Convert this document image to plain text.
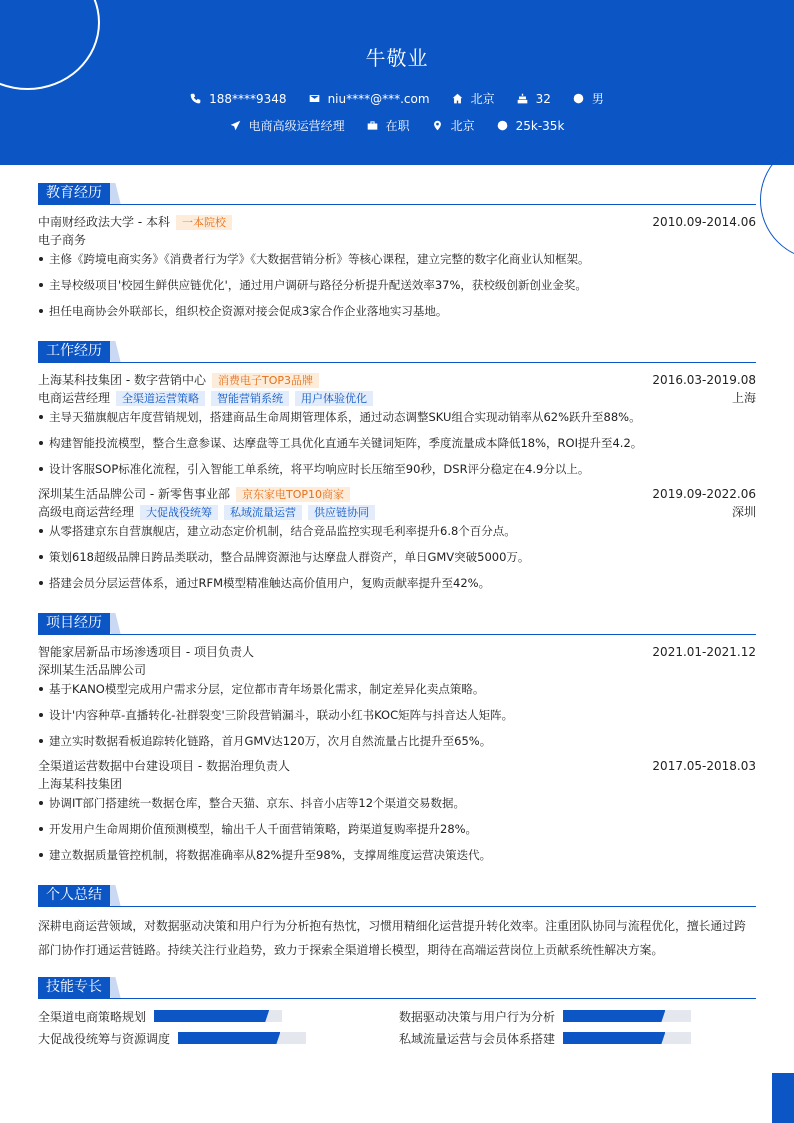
牛敬业
188****9348	niu****@***.com	北京	32	男
电商高级运营经理	在职	北京	25k-35k
教育经历
中南财经政法大学 - 本科	一本院校	2010.09-2014.06
电子商务
主修《跨境电商实务》《消费者行为学》《大数据营销分析》等核心课程，建立完整的数字化商业认知框架。
主导校级项目'校园生鲜供应链优化'，通过用户调研与路径分析提升配送效率37%，获校级创新创业金奖。
担任电商协会外联部长，组织校企资源对接会促成3家合作企业落地实习基地。
工作经历
上海某科技集团 - 数字营销中心	消费电子TOP3品牌	2016.03-2019.08
电商运营经理	全渠道运营策略	智能营销系统	用户体验优化	上海
主导天猫旗舰店年度营销规划，搭建商品生命周期管理体系，通过动态调整SKU组合实现动销率从62%跃升至88%。
构建智能投流模型，整合生意参谋、达摩盘等工具优化直通车关键词矩阵，季度流量成本降低18%，ROI提升至4.2。
设计客服SOP标准化流程，引入智能工单系统，将平均响应时长压缩至90秒，DSR评分稳定在4.9分以上。
深圳某生活品牌公司 - 新零售事业部	京东家电TOP10商家	2019.09-2022.06
高级电商运营经理	大促战役统筹	私域流量运营	供应链协同	深圳
从零搭建京东自营旗舰店，建立动态定价机制，结合竞品监控实现毛利率提升6.8个百分点。
策划618超级品牌日跨品类联动，整合品牌资源池与达摩盘人群资产，单日GMV突破5000万。
搭建会员分层运营体系，通过RFM模型精准触达高价值用户，复购贡献率提升至42%。
项目经历
智能家居新品市场渗透项目 - 项目负责人	2021.01-2021.12
深圳某生活品牌公司
基于KANO模型完成用户需求分层，定位都市青年场景化需求，制定差异化卖点策略。
设计'内容种草-直播转化-社群裂变'三阶段营销漏斗，联动小红书KOC矩阵与抖音达人矩阵。
建立实时数据看板追踪转化链路，首月GMV达120万，次月自然流量占比提升至65%。
全渠道运营数据中台建设项目 - 数据治理负责人	2017.05-2018.03
上海某科技集团
协调IT部门搭建统一数据仓库，整合天猫、京东、抖音小店等12个渠道交易数据。
开发用户生命周期价值预测模型，输出千人千面营销策略，跨渠道复购率提升28%。
建立数据质量管控机制，将数据准确率从82%提升至98%，支撑周维度运营决策迭代。
个人总结
深耕电商运营领域，对数据驱动决策和用户行为分析抱有热忱，习惯用精细化运营提升转化效率。注重团队协同与流程优化，擅长通过跨部门协作打通运营链路。持续关注行业趋势，致力于探索全渠道增长模型，期待在高端运营岗位上贡献系统性解决方案。
技能专长
全渠道电商策略规划	数据驱动决策与用户行为分析
大促战役统筹与资源调度	私域流量运营与会员体系搭建
